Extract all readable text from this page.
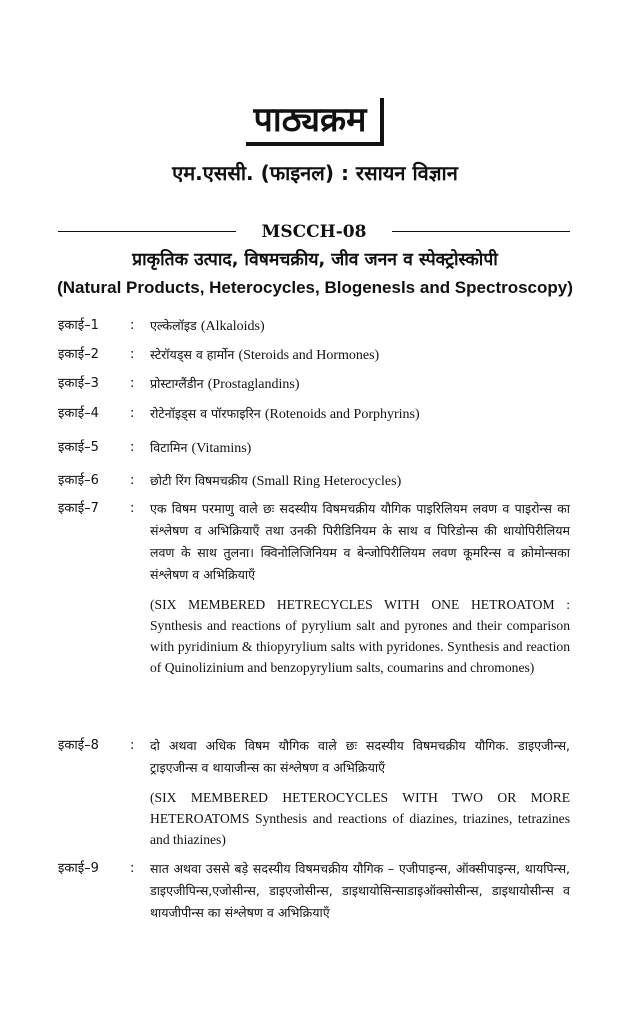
पाठ्यक्रम
एम.एससी. (फाइनल) : रसायन विज्ञान
MSCCH-08
प्राकृतिक उत्पाद, विषमचक्रीय, जीव जनन व स्पेक्ट्रोस्कोपी
(Natural Products, Heterocycles, Blogenesls and Spectroscopy)
इकाई–1	:	एल्केलॉइड (Alkaloids)
इकाई–2	:	स्टेरॉयड्स व हार्मोन (Steroids and Hormones)
इकाई–3	:	प्रोस्टाग्लैंडीन (Prostaglandins)
इकाई–4	:	रोटेनॉइड्स व पॉरफाइरिन (Rotenoids and Porphyrins)
इकाई–5	:	विटामिन (Vitamins)
इकाई–6	:	छोटी रिंग विषमचक्रीय (Small Ring Heterocycles)
इकाई–7	:	एक विषम परमाणु वाले छः सदस्यीय विषमचक्रीय यौगिक पाइरिलियम लवण व पाइरोन्स का संश्लेषण व अभिक्रियाएँ तथा उनकी पिरीडिनियम के साथ व पिरिडोन्स की थायोपिरीलियम लवण के साथ तुलना। क्विनोलिजिनियम व बेन्जोपिरीलियम लवण कूमरिन्स व क्रोमोन्सका संश्लेषण व अभिक्रियाएँ

(SIX MEMBERED HETRECYCLES WITH ONE HETROATOM : Synthesis and reactions of pyrylium salt and pyrones and their comparison with pyridinium & thiopyrylium salts with pyridones. Synthesis and reaction of Quinolizinium and benzopyrylium salts, coumarins and chromones)

इकाई–8	:	दो अथवा अधिक विषम यौगिक वाले छः सदस्यीय विषमचक्रीय यौगिक. डाइएजीन्स, ट्राइएजीन्स व थायाजीन्स का संश्लेषण व अभिक्रियाएँ

(SIX MEMBERED HETEROCYCLES WITH TWO OR MORE HETEROATOMS Synthesis and reactions of diazines, triazines, tetrazines and thiazines)

इकाई–9	:	सात अथवा उससे बड़े सदस्यीय विषमचक्रीय यौगिक – एजीपाइन्स, ऑक्सीपाइन्स, थायपिन्स, डाइएजीपिन्स,एजोसीन्स, डाइएजोसीन्स, डाइथायोसिन्साडाइऑक्सोसीन्स, डाइथायोसीन्स व थायजीपीन्स का संश्लेषण व अभिक्रियाएँ
